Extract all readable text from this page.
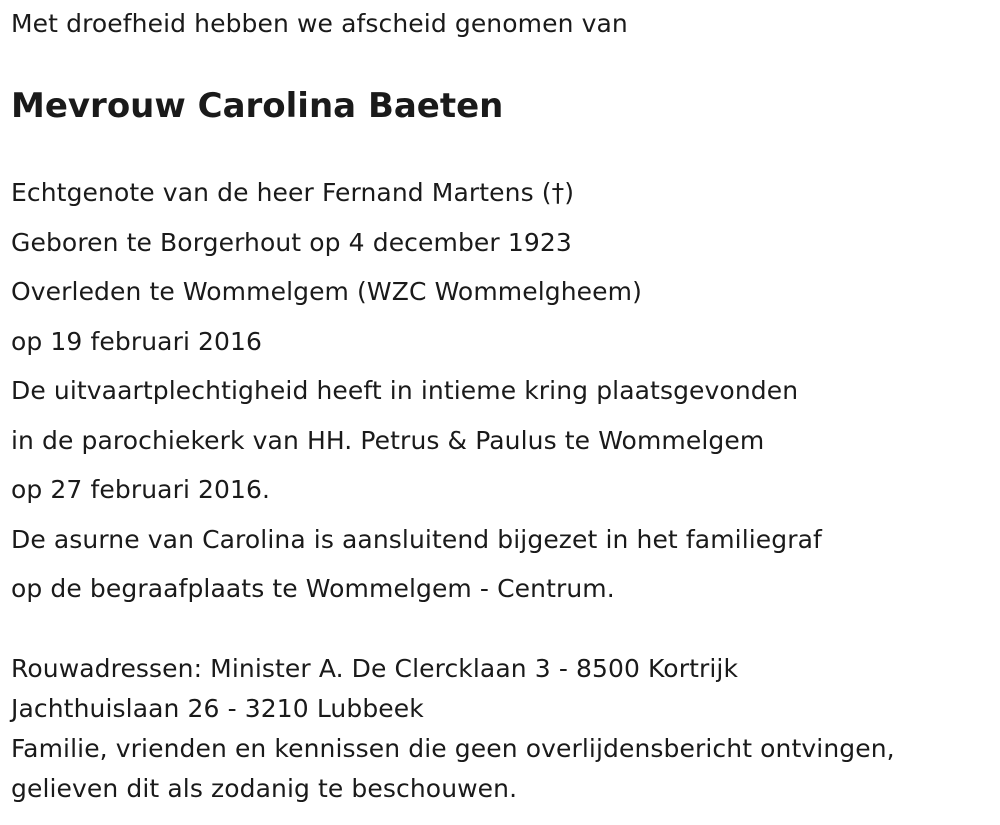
Met droefheid hebben we afscheid genomen van
Mevrouw Carolina Baeten
Echtgenote van de heer Fernand Martens (†)
Geboren te Borgerhout op 4 december 1923
Overleden te Wommelgem (WZC Wommelgheem)
op 19 februari 2016
De uitvaartplechtigheid heeft in intieme kring plaatsgevonden
in de parochiekerk van HH. Petrus & Paulus te Wommelgem
op 27 februari 2016.
De asurne van Carolina is aansluitend bijgezet in het familiegraf
op de begraafplaats te Wommelgem - Centrum.
Rouwadressen: Minister A. De Clercklaan 3 - 8500 Kortrijk
Jachthuislaan 26 - 3210 Lubbeek
Familie, vrienden en kennissen die geen overlijdensbericht ontvingen,
gelieven dit als zodanig te beschouwen.
